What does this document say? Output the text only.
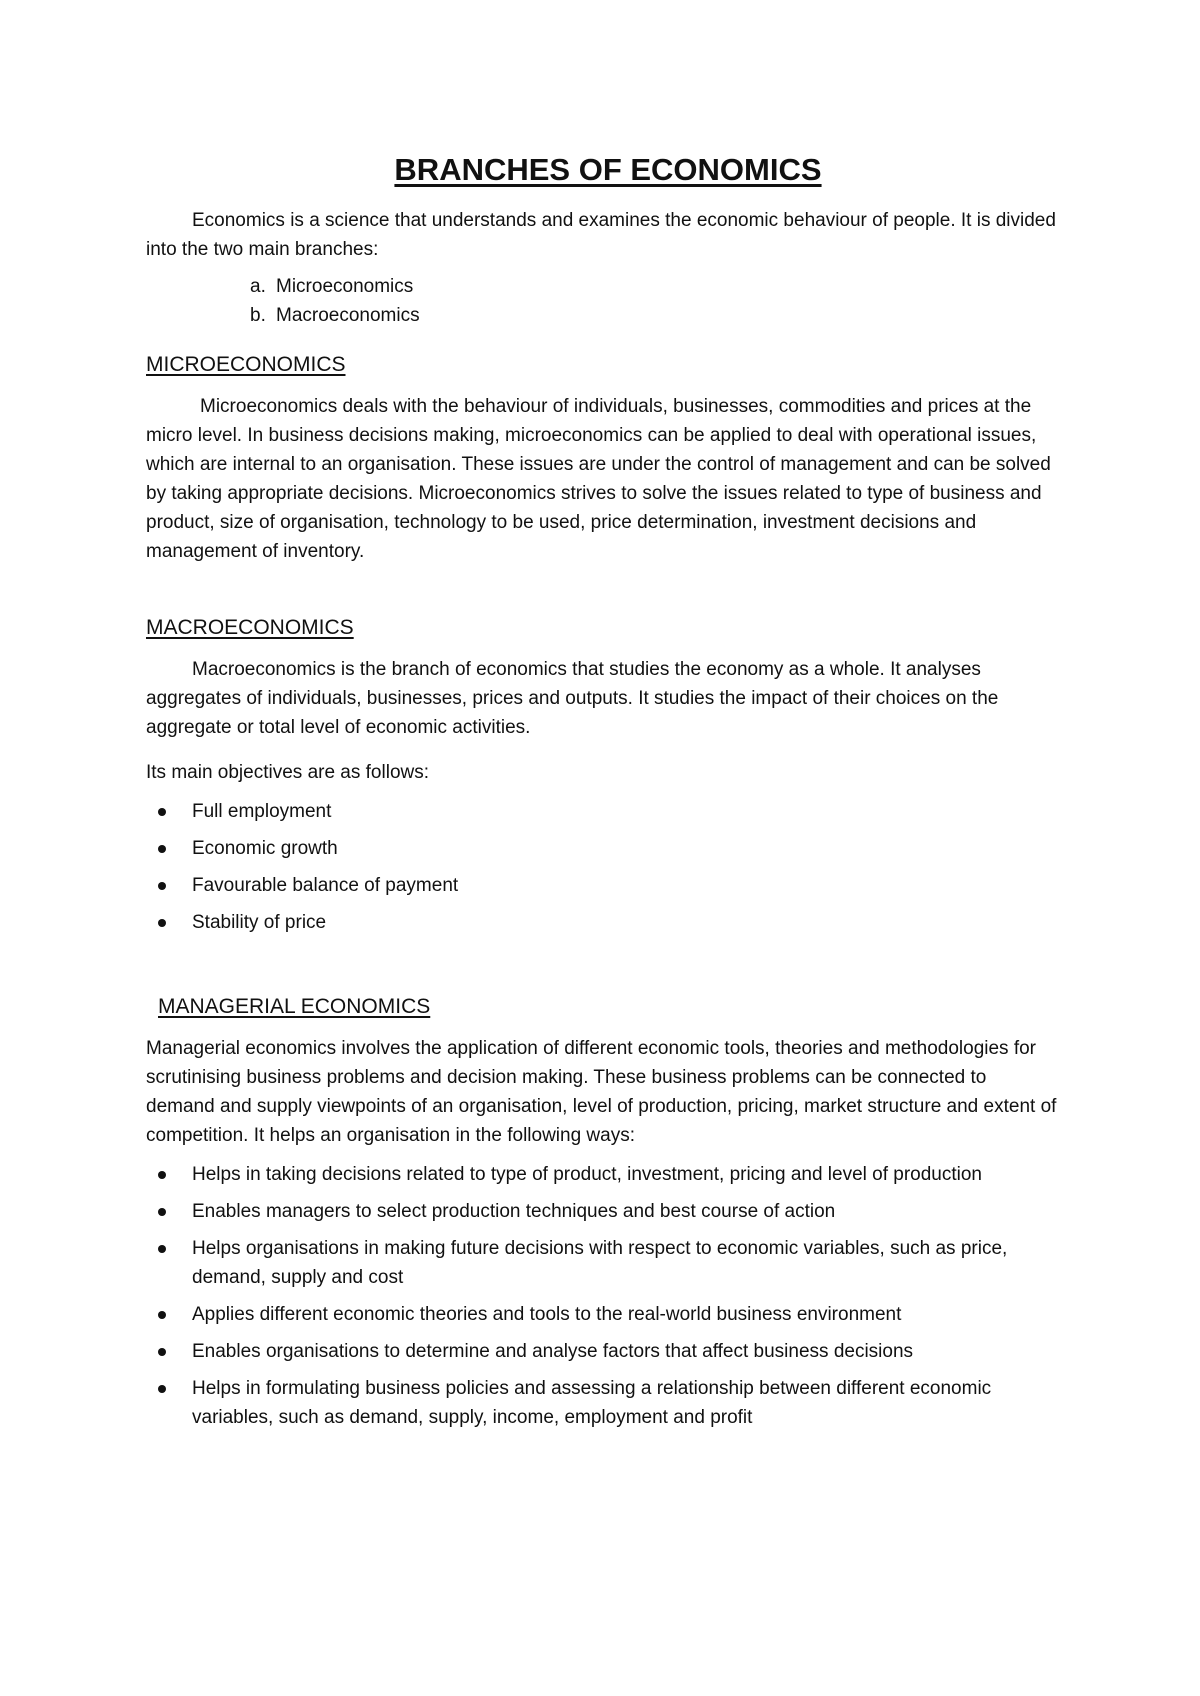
BRANCHES OF ECONOMICS

Economics is a science that understands and examines the economic behaviour of people. It is divided into the two main branches:

a. Microeconomics
b. Macroeconomics
MICROECONOMICS

Microeconomics deals with the behaviour of individuals, businesses, commodities and prices at the micro level. In business decisions making, microeconomics can be applied to deal with operational issues, which are internal to an organisation. These issues are under the control of management and can be solved by taking appropriate decisions. Microeconomics strives to solve the issues related to type of business and product, size of organisation, technology to be used, price determination, investment decisions and management of inventory.

MACROECONOMICS

Macroeconomics is the branch of economics that studies the economy as a whole. It analyses aggregates of individuals, businesses, prices and outputs. It studies the impact of their choices on the aggregate or total level of economic activities.

Its main objectives are as follows:

Full employment
Economic growth
Favourable balance of payment
Stability of price
MANAGERIAL ECONOMICS

Managerial economics involves the application of different economic tools, theories and methodologies for scrutinising business problems and decision making. These business problems can be connected to demand and supply viewpoints of an organisation, level of production, pricing, market structure and extent of competition. It helps an organisation in the following ways:

Helps in taking decisions related to type of product, investment, pricing and level of production
Enables managers to select production techniques and best course of action
Helps organisations in making future decisions with respect to economic variables, such as price, demand, supply and cost
Applies different economic theories and tools to the real-world business environment
Enables organisations to determine and analyse factors that affect business decisions
Helps in formulating business policies and assessing a relationship between different economic variables, such as demand, supply, income, employment and profit
